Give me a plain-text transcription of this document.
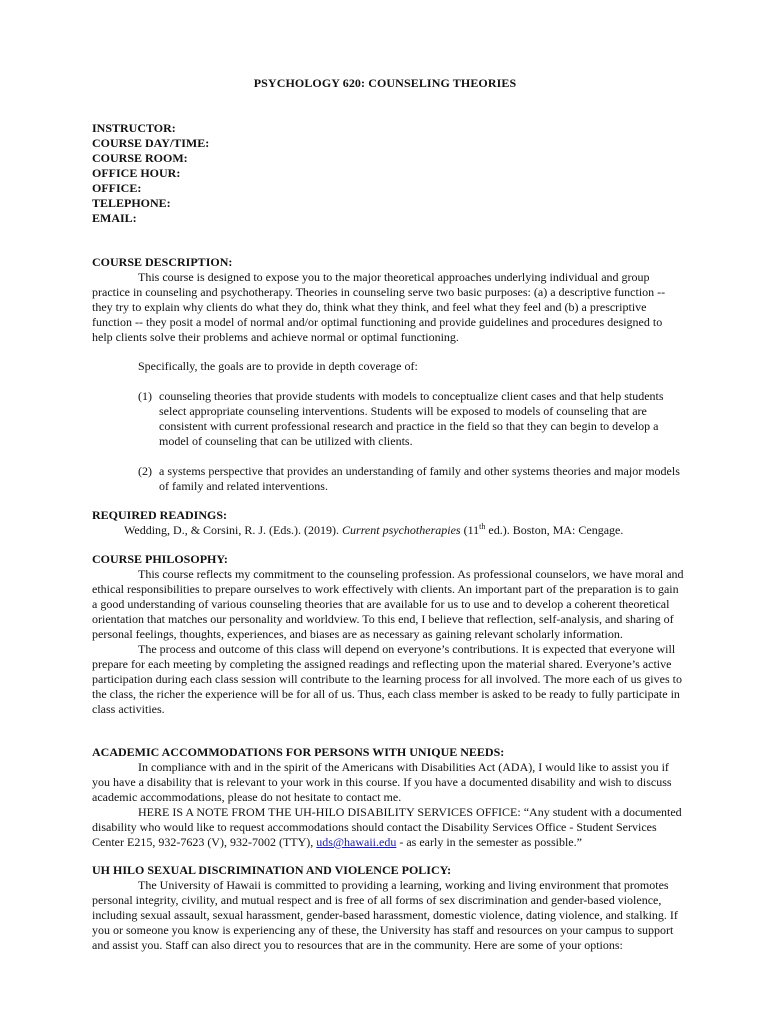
PSYCHOLOGY 620: COUNSELING THEORIES
INSTRUCTOR:
COURSE DAY/TIME:
COURSE ROOM:
OFFICE HOUR:
OFFICE:
TELEPHONE:
EMAIL:
COURSE DESCRIPTION:

This course is designed to expose you to the major theoretical approaches underlying individual and group practice in counseling and psychotherapy. Theories in counseling serve two basic purposes: (a) a descriptive function -- they try to explain why clients do what they do, think what they think, and feel what they feel and (b) a prescriptive function -- they posit a model of normal and/or optimal functioning and provide guidelines and procedures designed to help clients solve their problems and achieve normal or optimal functioning.

Specifically, the goals are to provide in depth coverage of:

(1) counseling theories that provide students with models to conceptualize client cases and that help students select appropriate counseling interventions. Students will be exposed to models of counseling that are consistent with current professional research and practice in the field so that they can begin to develop a model of counseling that can be utilized with clients.

(2) a systems perspective that provides an understanding of family and other systems theories and major models of family and related interventions.

REQUIRED READINGS:
Wedding, D., & Corsini, R. J. (Eds.). (2019). Current psychotherapies (11th ed.). Boston, MA: Cengage.
COURSE PHILOSOPHY:

This course reflects my commitment to the counseling profession. As professional counselors, we have moral and ethical responsibilities to prepare ourselves to work effectively with clients. An important part of the preparation is to gain a good understanding of various counseling theories that are available for us to use and to develop a coherent theoretical orientation that matches our personality and worldview. To this end, I believe that reflection, self-analysis, and sharing of personal feelings, thoughts, experiences, and biases are as necessary as gaining relevant scholarly information.

The process and outcome of this class will depend on everyone’s contributions. It is expected that everyone will prepare for each meeting by completing the assigned readings and reflecting upon the material shared. Everyone’s active participation during each class session will contribute to the learning process for all involved. The more each of us gives to the class, the richer the experience will be for all of us. Thus, each class member is asked to be ready to fully participate in class activities.

ACADEMIC ACCOMMODATIONS FOR PERSONS WITH UNIQUE NEEDS:

In compliance with and in the spirit of the Americans with Disabilities Act (ADA), I would like to assist you if you have a disability that is relevant to your work in this course. If you have a documented disability and wish to discuss academic accommodations, please do not hesitate to contact me.

HERE IS A NOTE FROM THE UH-HILO DISABILITY SERVICES OFFICE: “Any student with a documented disability who would like to request accommodations should contact the Disability Services Office - Student Services Center E215, 932-7623 (V), 932-7002 (TTY), uds@hawaii.edu - as early in the semester as possible.”

UH HILO SEXUAL DISCRIMINATION AND VIOLENCE POLICY:

The University of Hawaii is committed to providing a learning, working and living environment that promotes personal integrity, civility, and mutual respect and is free of all forms of sex discrimination and gender-based violence, including sexual assault, sexual harassment, gender-based harassment, domestic violence, dating violence, and stalking. If you or someone you know is experiencing any of these, the University has staff and resources on your campus to support and assist you. Staff can also direct you to resources that are in the community. Here are some of your options:
